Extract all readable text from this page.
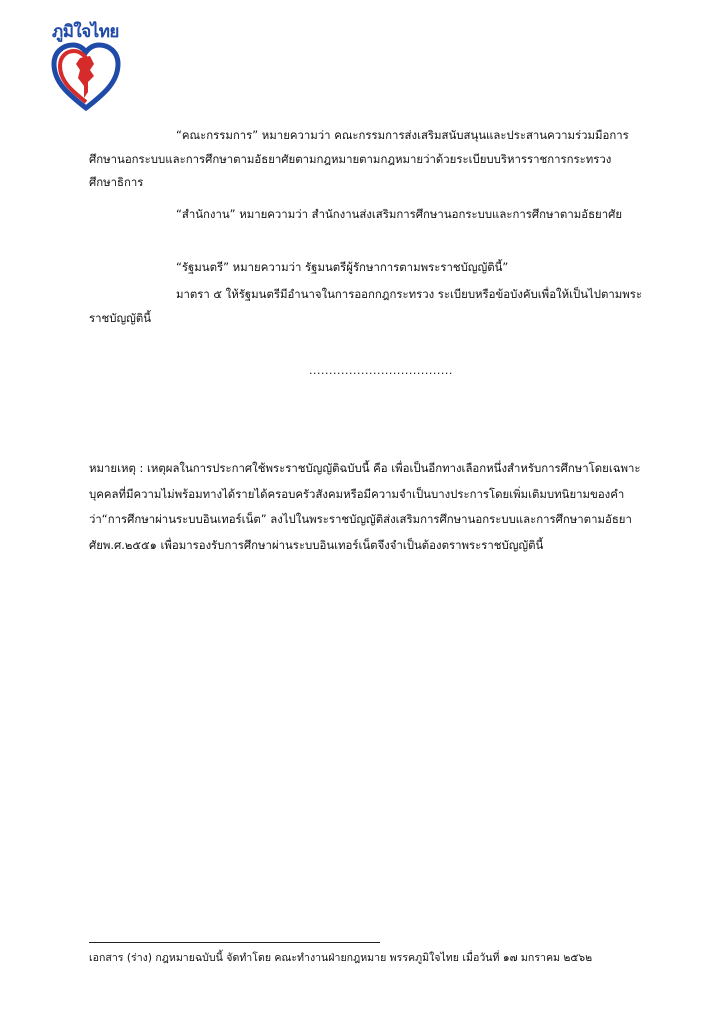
ภูมิใจไทย

“คณะกรรมการ” หมายความว่า คณะกรรมการส่งเสริมสนับสนุนและประสานความร่วมมือการศึกษานอกระบบและการศึกษาตามอัธยาศัยตามกฎหมายตามกฎหมายว่าด้วยระเบียบบริหารราชการกระทรวงศึกษาธิการ

“สำนักงาน” หมายความว่า สำนักงานส่งเสริมการศึกษานอกระบบและการศึกษาตามอัธยาศัย

“รัฐมนตรี” หมายความว่า รัฐมนตรีผู้รักษาการตามพระราชบัญญัตินี้”

มาตรา ๕ ให้รัฐมนตรีมีอำนาจในการออกกฎกระทรวง ระเบียบหรือข้อบังคับเพื่อให้เป็นไปตามพระราชบัญญัตินี้

....................................

หมายเหตุ : เหตุผลในการประกาศใช้พระราชบัญญัติฉบับนี้ คือ เพื่อเป็นอีกทางเลือกหนึ่งสำหรับการศึกษาโดยเฉพาะบุคคลที่มีความไม่พร้อมทางได้รายได้ครอบครัวสังคมหรือมีความจำเป็นบางประการโดยเพิ่มเติมบทนิยามของคำว่า“การศึกษาผ่านระบบอินเทอร์เน็ต” ลงไปในพระราชบัญญัติส่งเสริมการศึกษานอกระบบและการศึกษาตามอัธยาศัยพ.ศ.๒๕๕๑ เพื่อมารองรับการศึกษาผ่านระบบอินเทอร์เน็ตจึงจำเป็นต้องตราพระราชบัญญัตินี้

เอกสาร (ร่าง) กฎหมายฉบับนี้ จัดทำโดย คณะทำงานฝ่ายกฎหมาย พรรคภูมิใจไทย เมื่อวันที่ ๑๗ มกราคม ๒๕๖๒
